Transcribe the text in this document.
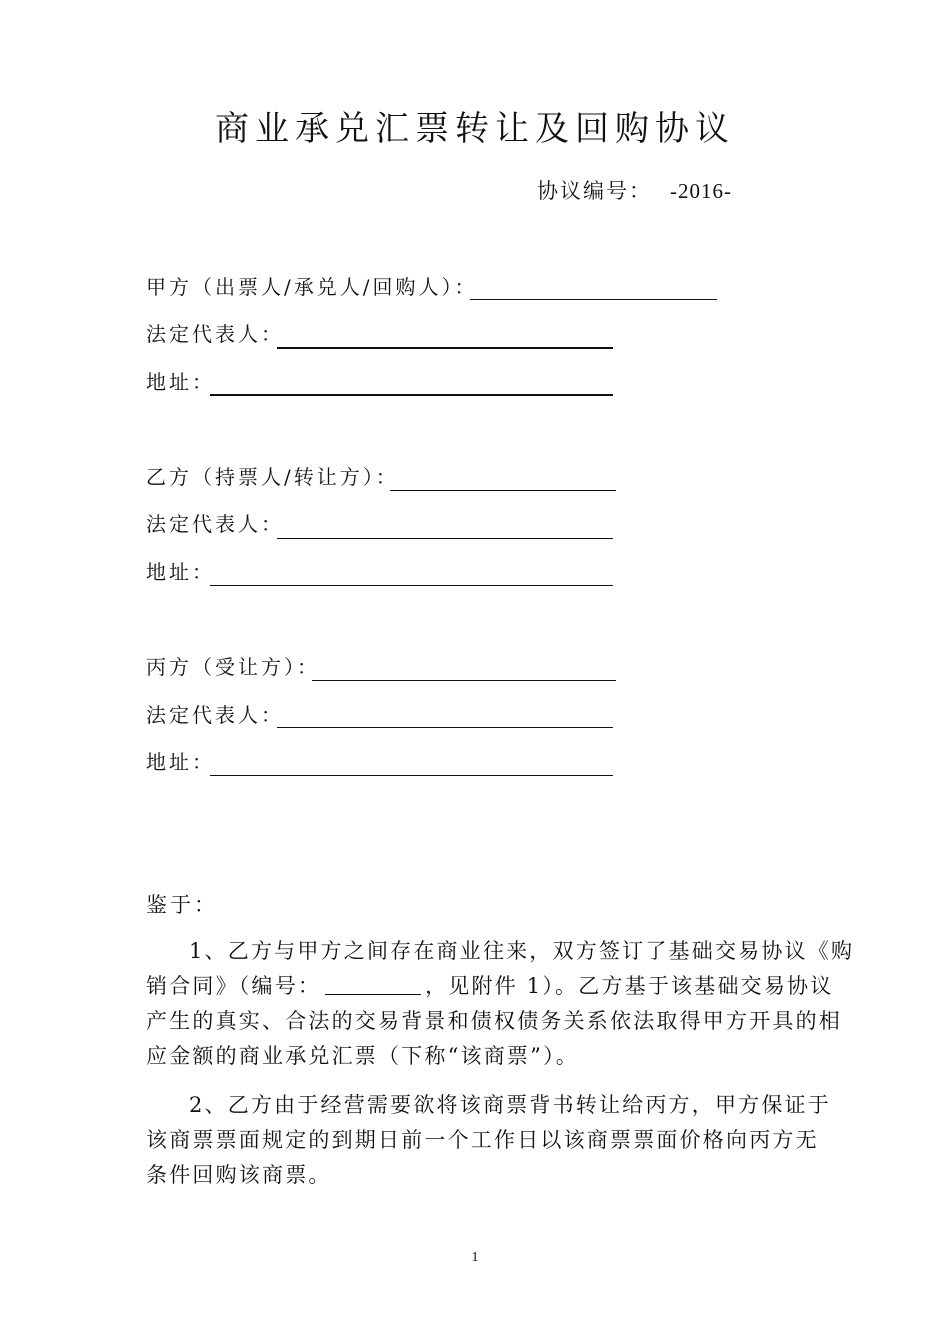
商业承兑汇票转让及回购协议
协议编号： -2016-
甲方（出票人/承兑人/回购人）：
法定代表人：
地址：
乙方（持票人/转让方）：
法定代表人：
地址：
丙方（受让方）：
法定代表人：
地址：
鉴于：
1、乙方与甲方之间存在商业往来，双方签订了基础交易协议《购
销合同》（编号：	，见附件 1）。乙方基于该基础交易协议
产生的真实、合法的交易背景和债权债务关系依法取得甲方开具的相
应金额的商业承兑汇票（下称“该商票”）。
2、乙方由于经营需要欲将该商票背书转让给丙方，甲方保证于
该商票票面规定的到期日前一个工作日以该商票票面价格向丙方无
条件回购该商票。
1
